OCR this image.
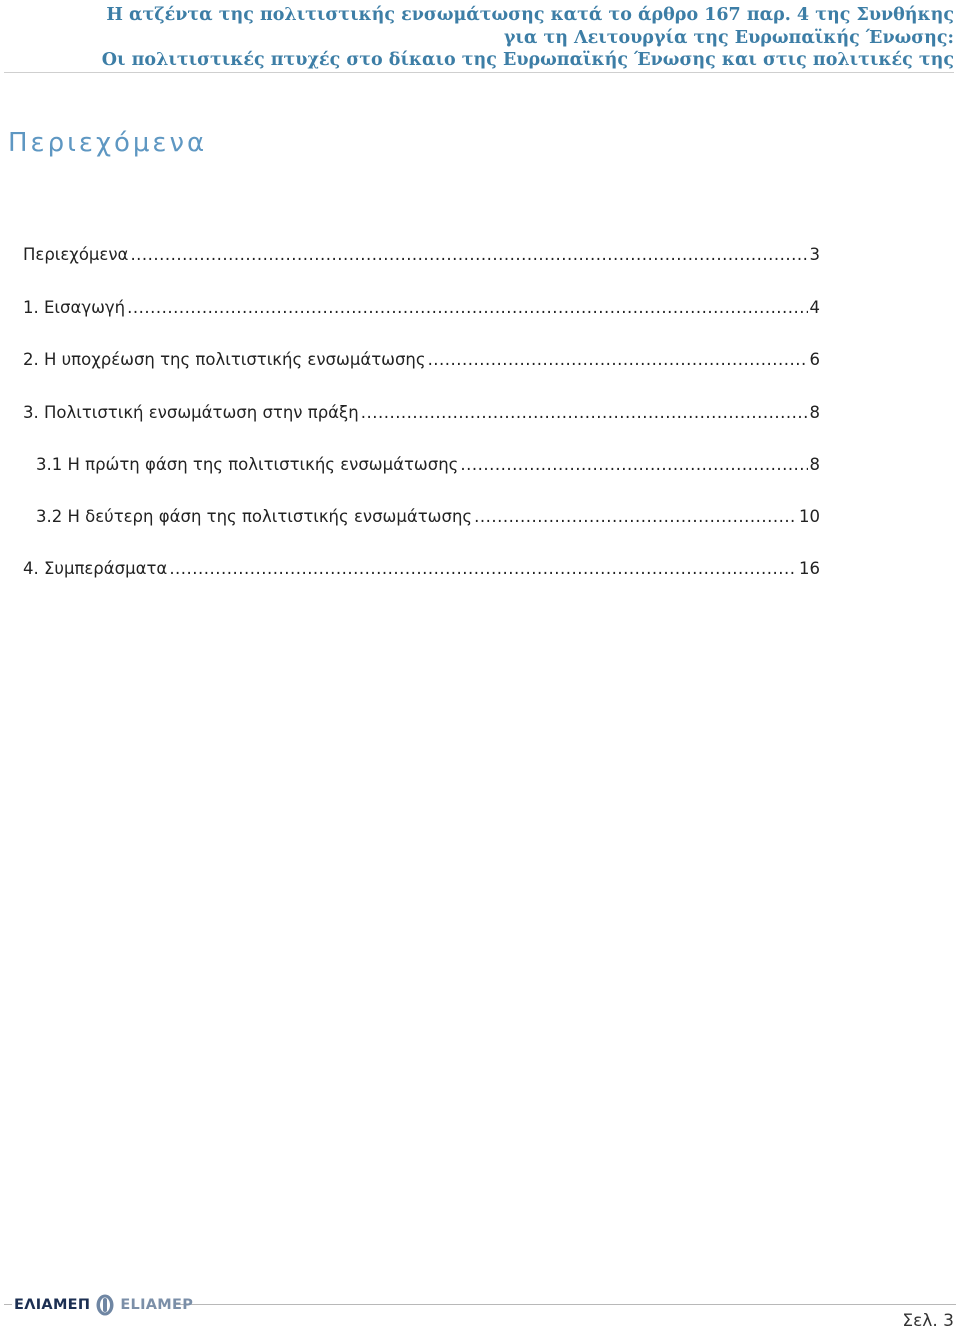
Η ατζέντα της πολιτιστικής ενσωμάτωσης κατά το άρθρο 167 παρ. 4 της Συνθήκης
για τη Λειτουργία της Ευρωπαϊκής Ένωσης:
Οι πολιτιστικές πτυχές στο δίκαιο της Ευρωπαϊκής Ένωσης και στις πολιτικές της
Περιεχόμενα
Περιεχόμενα .....	3
1. Εισαγωγή .....	4
2. Η υποχρέωση της πολιτιστικής ενσωμάτωσης .....	6
3. Πολιτιστική ενσωμάτωση στην πράξη .....	8
3.1 Η πρώτη φάση της πολιτιστικής ενσωμάτωσης .....	8
3.2 Η δεύτερη φάση της πολιτιστικής ενσωμάτωσης .....	10
4. Συμπεράσματα .....	16
ΕΛΙΑΜΕΠ ELIAMEP
Σελ. 3
